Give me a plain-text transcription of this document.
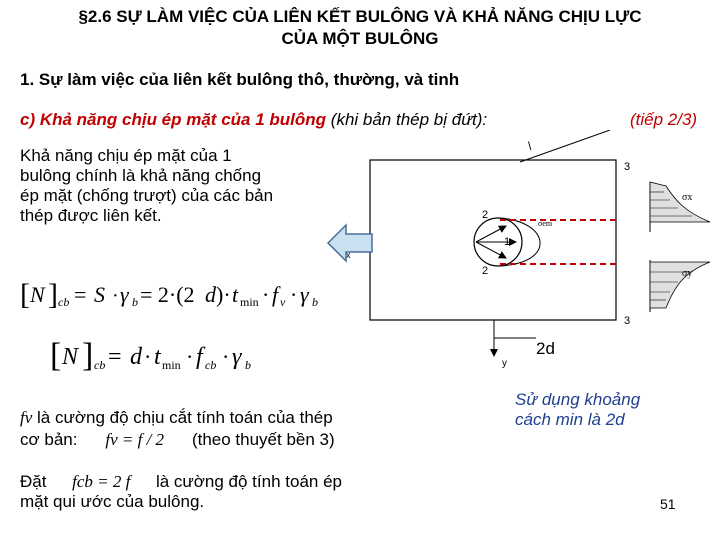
§2.6 SỰ LÀM VIỆC CỦA LIÊN KẾT BULÔNG VÀ KHẢ NĂNG CHỊU LỰC
CỦA MỘT BULÔNG
1. Sự làm việc của liên kết bulông thô, thường, và tinh
c) Khả năng chịu ép mặt của 1 bulông (khi bản thép bị đứt):	(tiếp 2/3)
Khả năng chịu ép mặt của 1
bulông chính là khả năng chống
ép mặt (chống trượt) của các bản
thép được liên kết.
[ N ] cb = S · γ b = 2·(2 d )· t min · f v · γ b
[ N ] cb = d · t min · f cb · γ b
fv là cường độ chịu cắt tính toán của thép
cơ bản: fv = f / 2 (theo thuyết bền 3)
Đặt fcb = 2 f là cường độ tính toán ép
mặt qui ước của bulông.
Sử dụng khoảng
cách min là 2d
\
1
2
2
3
3
σem
x
y
2d
σx
σy
51
